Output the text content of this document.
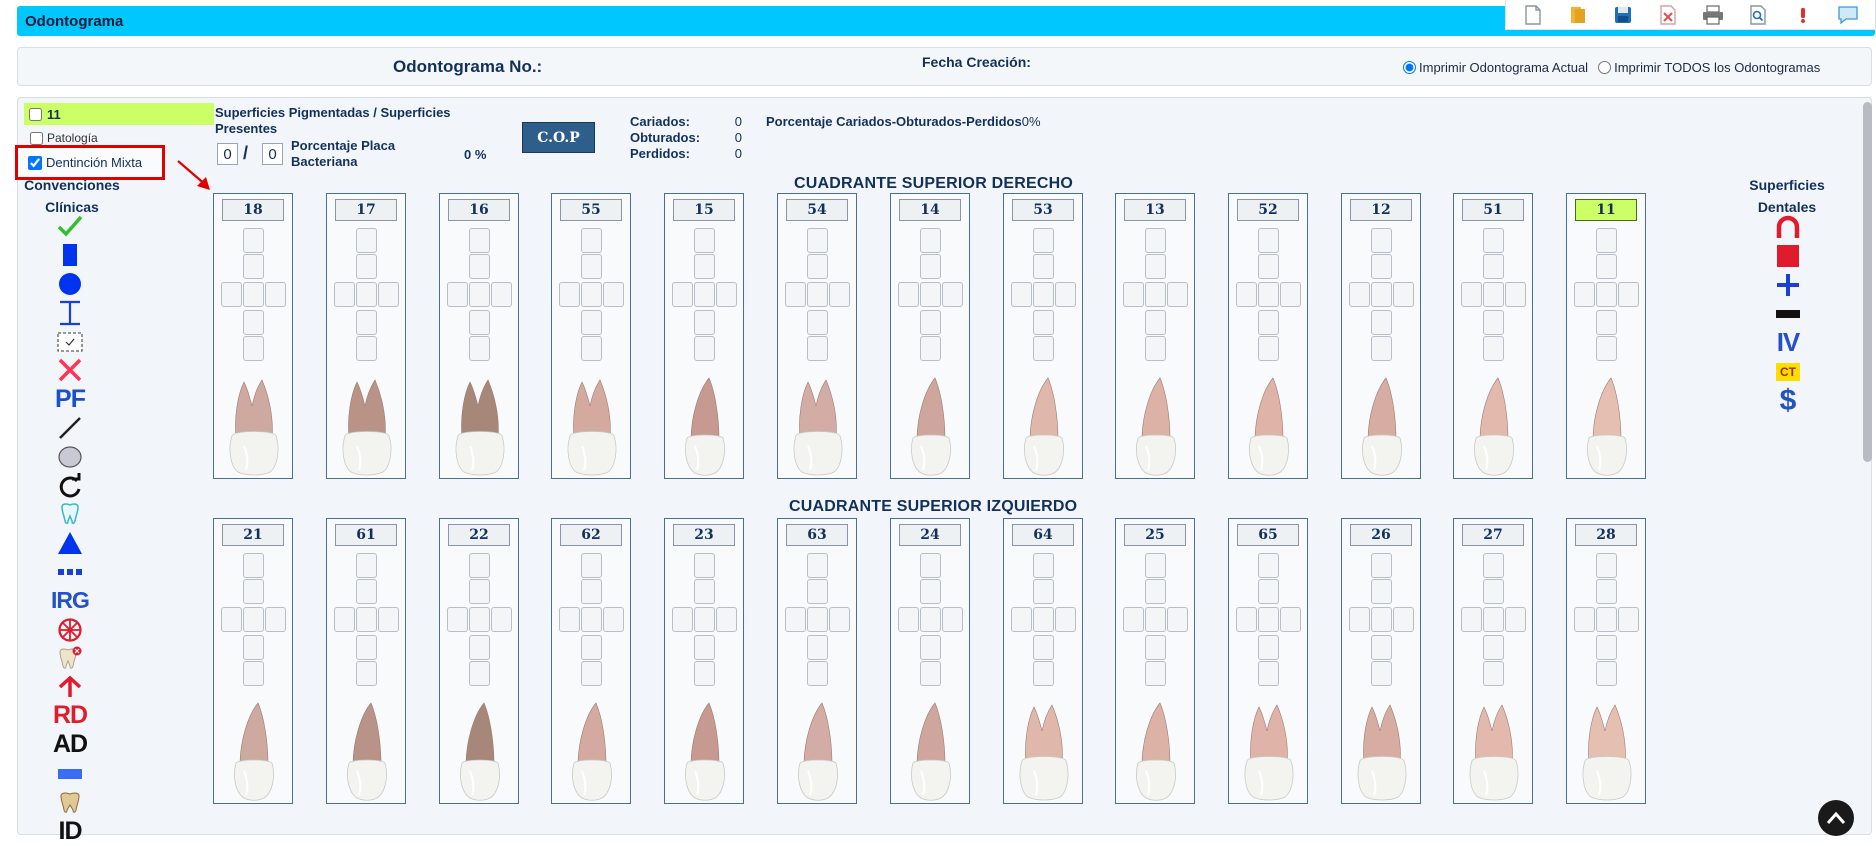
Odontograma
Odontograma No.:	Fecha Creación:	Imprimir Odontograma Actual Imprimir TODOS los Odontogramas
11
Patología
Dentinción Mixta
Convenciones
Clínicas
PF
IRG
RD
AD
ID
Superficies
Dentales
IV
CT
$
Superficies Pigmentadas / Superficies Presentes
0 /	0	Porcentaje Placa Bacteriana	0 %
C.O.P
Cariados:	0
Obturados:	0
Perdidos:	0
Porcentaje Cariados-Obturados-Perdidos0%
CUADRANTE SUPERIOR DERECHO
CUADRANTE SUPERIOR IZQUIERDO
18	17	16	55	15	54	14	53	13	52	12	51	11
21	61	22	62	23	63	24	64	25	65	26	27	28
